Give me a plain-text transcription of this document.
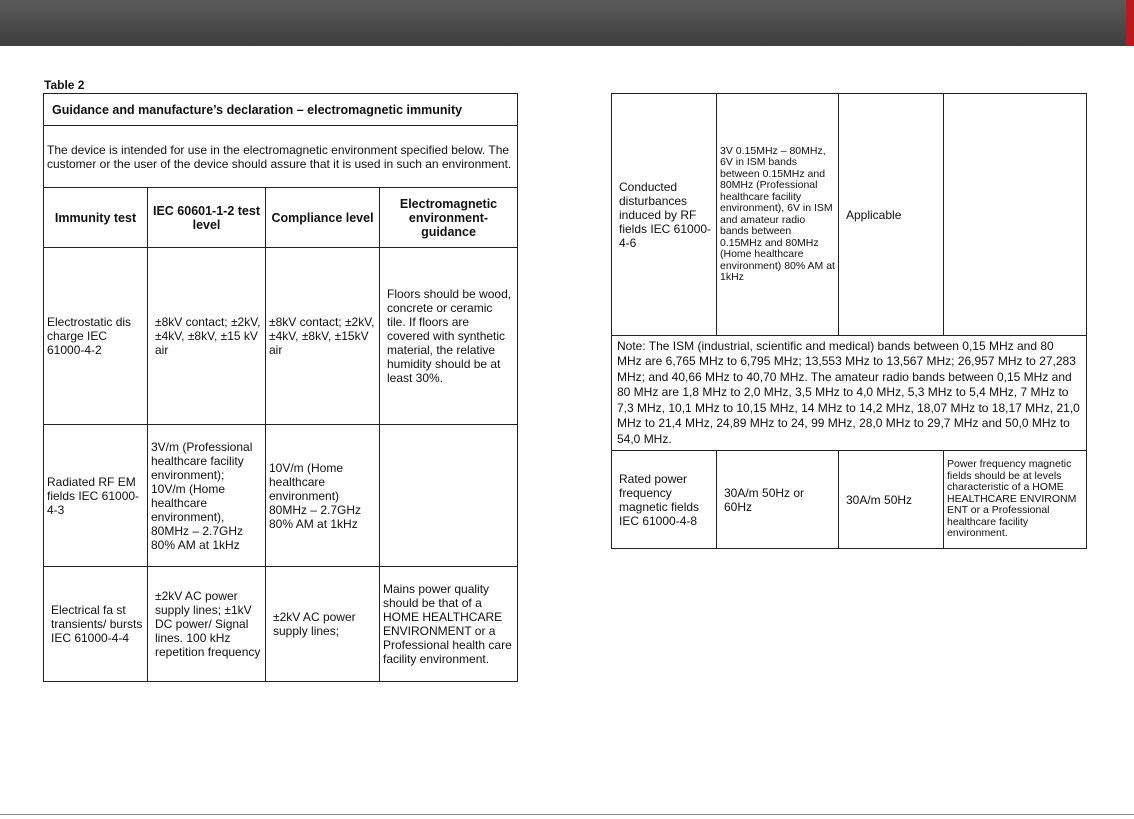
Table 2
Guidance and manufacture’s declaration – electromagnetic immunity			
The device is intended for use in the electromagnetic environment specified below. The customer or the user of the device should assure that it is used in such an environment.			
Immunity test	IEC 60601-1-2 test level	Compliance level	Electromagnetic environment- guidance
Electrostatic dis charge IEC 61000-4-2	±8kV contact; ±2kV, ±4kV, ±8kV, ±15 kV air	±8kV contact; ±2kV, ±4kV, ±8kV, ±15kV air	Floors should be wood, concrete or ceramic tile. If floors are covered with synthetic material, the relative humidity should be at least 30%.
Radiated RF EM fields IEC 61000-4-3	3V/m (Professional healthcare facility environment); 10V/m (Home healthcare environment), 80MHz – 2.7GHz 80% AM at 1kHz	10V/m (Home healthcare environment) 80MHz – 2.7GHz 80% AM at 1kHz	
Electrical fa st transients/ bursts IEC 61000-4-4	±2kV AC power supply lines; ±1kV DC power/ Signal lines. 100 kHz repetition frequency	±2kV AC power supply lines;	Mains power quality should be that of a HOME HEALTHCARE ENVIRONMENT or a Professional health care facility environment.
Conducted disturbances induced by RF fields IEC 61000-4-6	3V 0.15MHz – 80MHz, 6V in ISM bands between 0.15MHz and 80MHz (Professional healthcare facility environment), 6V in ISM and amateur radio bands between 0.15MHz and 80MHz (Home healthcare environment) 80% AM at 1kHz	Applicable	
Note: The ISM (industrial, scientific and medical) bands between 0,15 MHz and 80 MHz are 6,765 MHz to 6,795 MHz; 13,553 MHz to 13,567 MHz; 26,957 MHz to 27,283 MHz; and 40,66 MHz to 40,70 MHz. The amateur radio bands between 0,15 MHz and 80 MHz are 1,8 MHz to 2,0 MHz, 3,5 MHz to 4,0 MHz, 5,3 MHz to 5,4 MHz, 7 MHz to 7,3 MHz, 10,1 MHz to 10,15 MHz, 14 MHz to 14,2 MHz, 18,07 MHz to 18,17 MHz, 21,0 MHz to 21,4 MHz, 24,89 MHz to 24, 99 MHz, 28,0 MHz to 29,7 MHz and 50,0 MHz to 54,0 MHz.			
Rated power frequency magnetic fields IEC 61000-4-8	30A/m 50Hz or 60Hz	30A/m 50Hz	Power frequency magnetic fields should be at levels characteristic of a HOME HEALTHCARE ENVIRONM ENT or a Professional healthcare facility environment.
